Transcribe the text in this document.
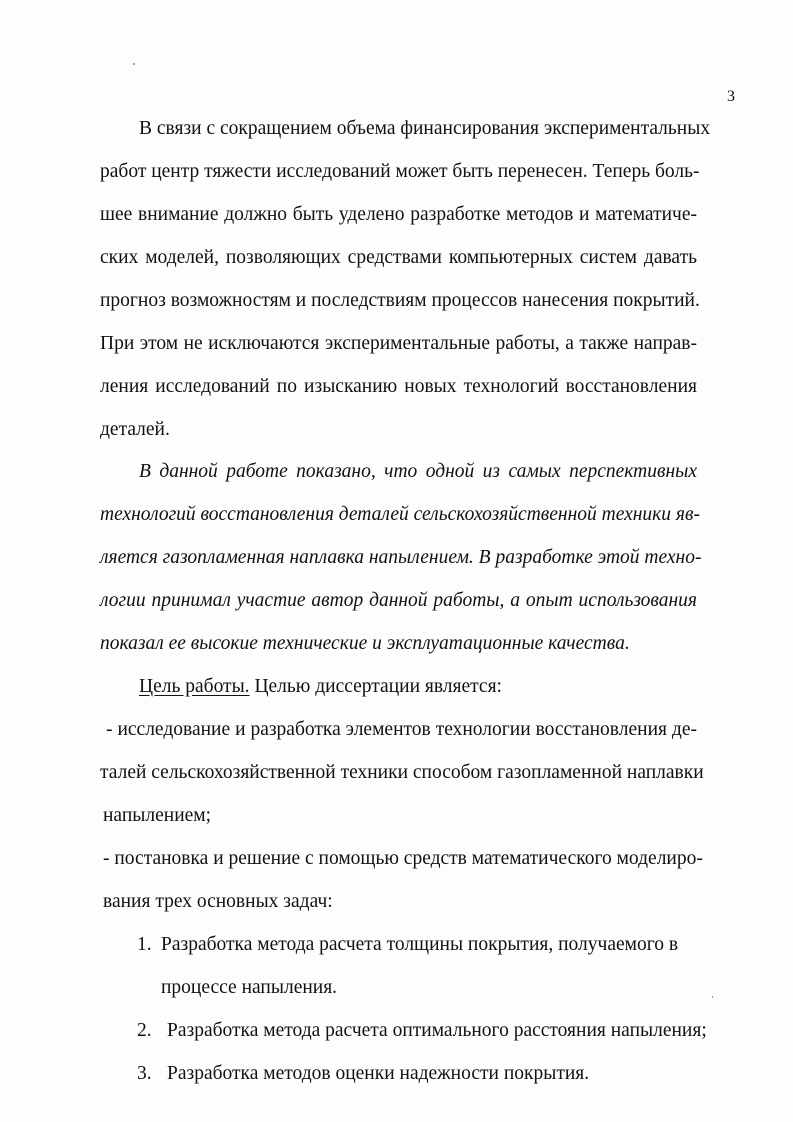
3
В связи с сокращением объема финансирования экспериментальных
работ центр тяжести исследований может быть перенесен. Теперь боль-
шее внимание должно быть уделено разработке методов и математиче-
ских моделей, позволяющих средствами компьютерных систем давать
прогноз возможностям и последствиям процессов нанесения покрытий.
При этом не исключаются экспериментальные работы, а также направ-
ления исследований по изысканию новых технологий восстановления
деталей.
В данной работе показано, что одной из самых перспективных
технологий восстановления деталей сельскохозяйственной техники яв-
ляется газопламенная наплавка напылением. В разработке этой техно-
логии принимал участие автор данной работы, а опыт использования
показал ее высокие технические и эксплуатационные качества.
Цель работы. Целью диссертации является:
- исследование и разработка элементов технологии восстановления де-
талей сельскохозяйственной техники способом газопламенной наплавки
напылением;
- постановка и решение с помощью средств математического моделиро-
вания трех основных задач:
1. Разработка метода расчета толщины покрытия, получаемого в
процессе напыления.
2. Разработка метода расчета оптимального расстояния напыления;
3. Разработка методов оценки надежности покрытия.
